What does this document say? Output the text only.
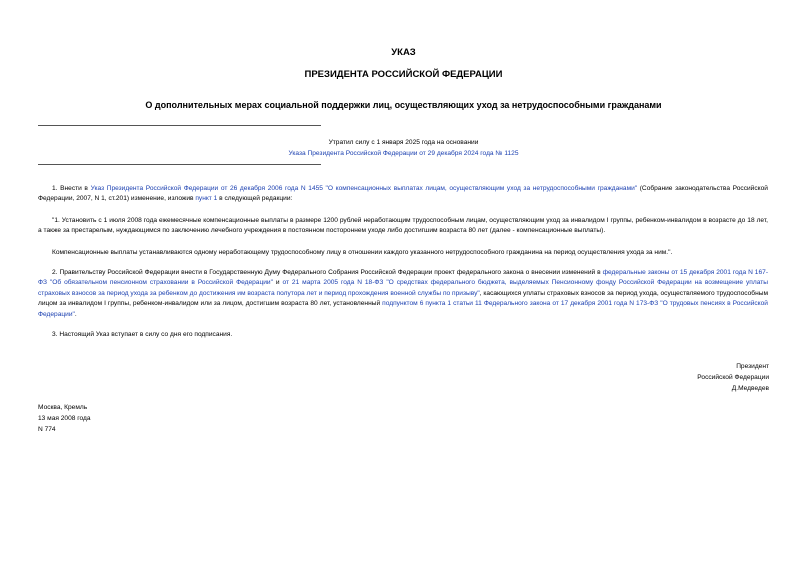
УКАЗ
ПРЕЗИДЕНТА РОССИЙСКОЙ ФЕДЕРАЦИИ
О дополнительных мерах социальной поддержки лиц, осуществляющих уход за нетрудоспособными гражданами
Утратил силу с 1 января 2025 года на основании
Указа Президента Российской Федерации от 29 декабря 2024 года № 1125
1. Внести в Указ Президента Российской Федерации от 26 декабря 2006 года N 1455 "О компенсационных выплатах лицам, осуществляющим уход за нетрудоспособными гражданами" (Собрание законодательства Российской Федерации, 2007, N 1, ст.201) изменение, изложив пункт 1 в следующей редакции:
"1. Установить с 1 июля 2008 года ежемесячные компенсационные выплаты в размере 1200 рублей неработающим трудоспособным лицам, осуществляющим уход за инвалидом I группы, ребенком-инвалидом в возрасте до 18 лет, а также за престарелым, нуждающимся по заключению лечебного учреждения в постоянном постороннем уходе либо достигшим возраста 80 лет (далее - компенсационные выплаты).
Компенсационные выплаты устанавливаются одному неработающему трудоспособному лицу в отношении каждого указанного нетрудоспособного гражданина на период осуществления ухода за ним.".
2. Правительству Российской Федерации внести в Государственную Думу Федерального Собрания Российской Федерации проект федерального закона о внесении изменений в федеральные законы от 15 декабря 2001 года N 167-ФЗ "Об обязательном пенсионном страховании в Российской Федерации" и от 21 марта 2005 года N 18-ФЗ "О средствах федерального бюджета, выделяемых Пенсионному фонду Российской Федерации на возмещение уплаты страховых взносов за период ухода за ребенком до достижения им возраста полутора лет и период прохождения военной службы по призыву", касающихся уплаты страховых взносов за период ухода, осуществляемого трудоспособным лицом за инвалидом I группы, ребенком-инвалидом или за лицом, достигшим возраста 80 лет, установленный подпунктом 6 пункта 1 статьи 11 Федерального закона от 17 декабря 2001 года N 173-ФЗ "О трудовых пенсиях в Российской Федерации".
3. Настоящий Указ вступает в силу со дня его подписания.
Президент
Российской Федерации
Д.Медведев
Москва, Кремль
13 мая 2008 года
N 774
